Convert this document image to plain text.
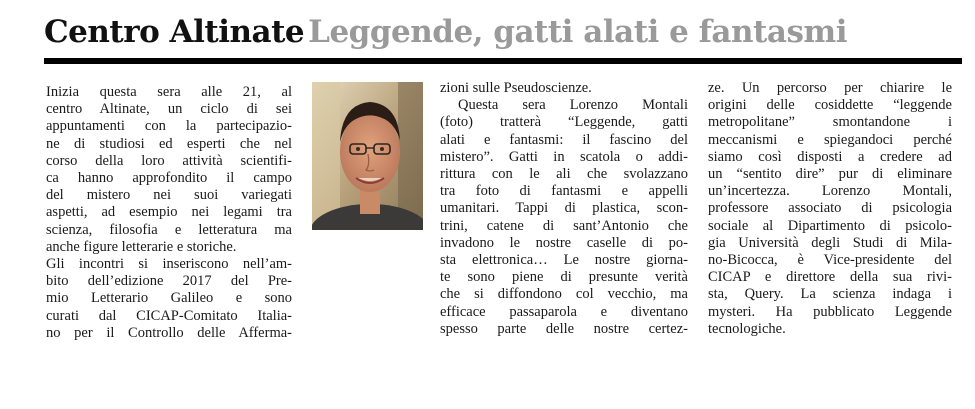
Centro Altinate Leggende, gatti alati e fantasmi
Inizia questa sera alle 21, al
centro Altinate, un ciclo di sei
appuntamenti con la partecipazio-
ne di studiosi ed esperti che nel
corso della loro attività scientifi-
ca hanno approfondito il campo
del mistero nei suoi variegati
aspetti, ad esempio nei legami tra
scienza, filosofia e letteratura ma
anche figure letterarie e storiche.
Gli incontri si inseriscono nell’am-
bito dell’edizione 2017 del Pre-
mio Letterario Galileo e sono
curati dal CICAP-Comitato Italia-
no per il Controllo delle Afferma-
zioni sulle Pseudoscienze.
Questa sera Lorenzo Montali
(foto) tratterà “Leggende, gatti
alati e fantasmi: il fascino del
mistero”. Gatti in scatola o addi-
rittura con le ali che svolazzano
tra foto di fantasmi e appelli
umanitari. Tappi di plastica, scon-
trini, catene di sant’Antonio che
invadono le nostre caselle di po-
sta elettronica… Le nostre giorna-
te sono piene di presunte verità
che si diffondono col vecchio, ma
efficace passaparola e diventano
spesso parte delle nostre certez-
ze. Un percorso per chiarire le
origini delle cosiddette “leggende
metropolitane” smontandone i
meccanismi e spiegandoci perché
siamo così disposti a credere ad
un “sentito dire” pur di eliminare
un’incertezza. Lorenzo Montali,
professore associato di psicologia
sociale al Dipartimento di psicolo-
gia Università degli Studi di Mila-
no-Bicocca, è Vice-presidente del
CICAP e direttore della sua rivi-
sta, Query. La scienza indaga i
mysteri. Ha pubblicato Leggende
tecnologiche.
